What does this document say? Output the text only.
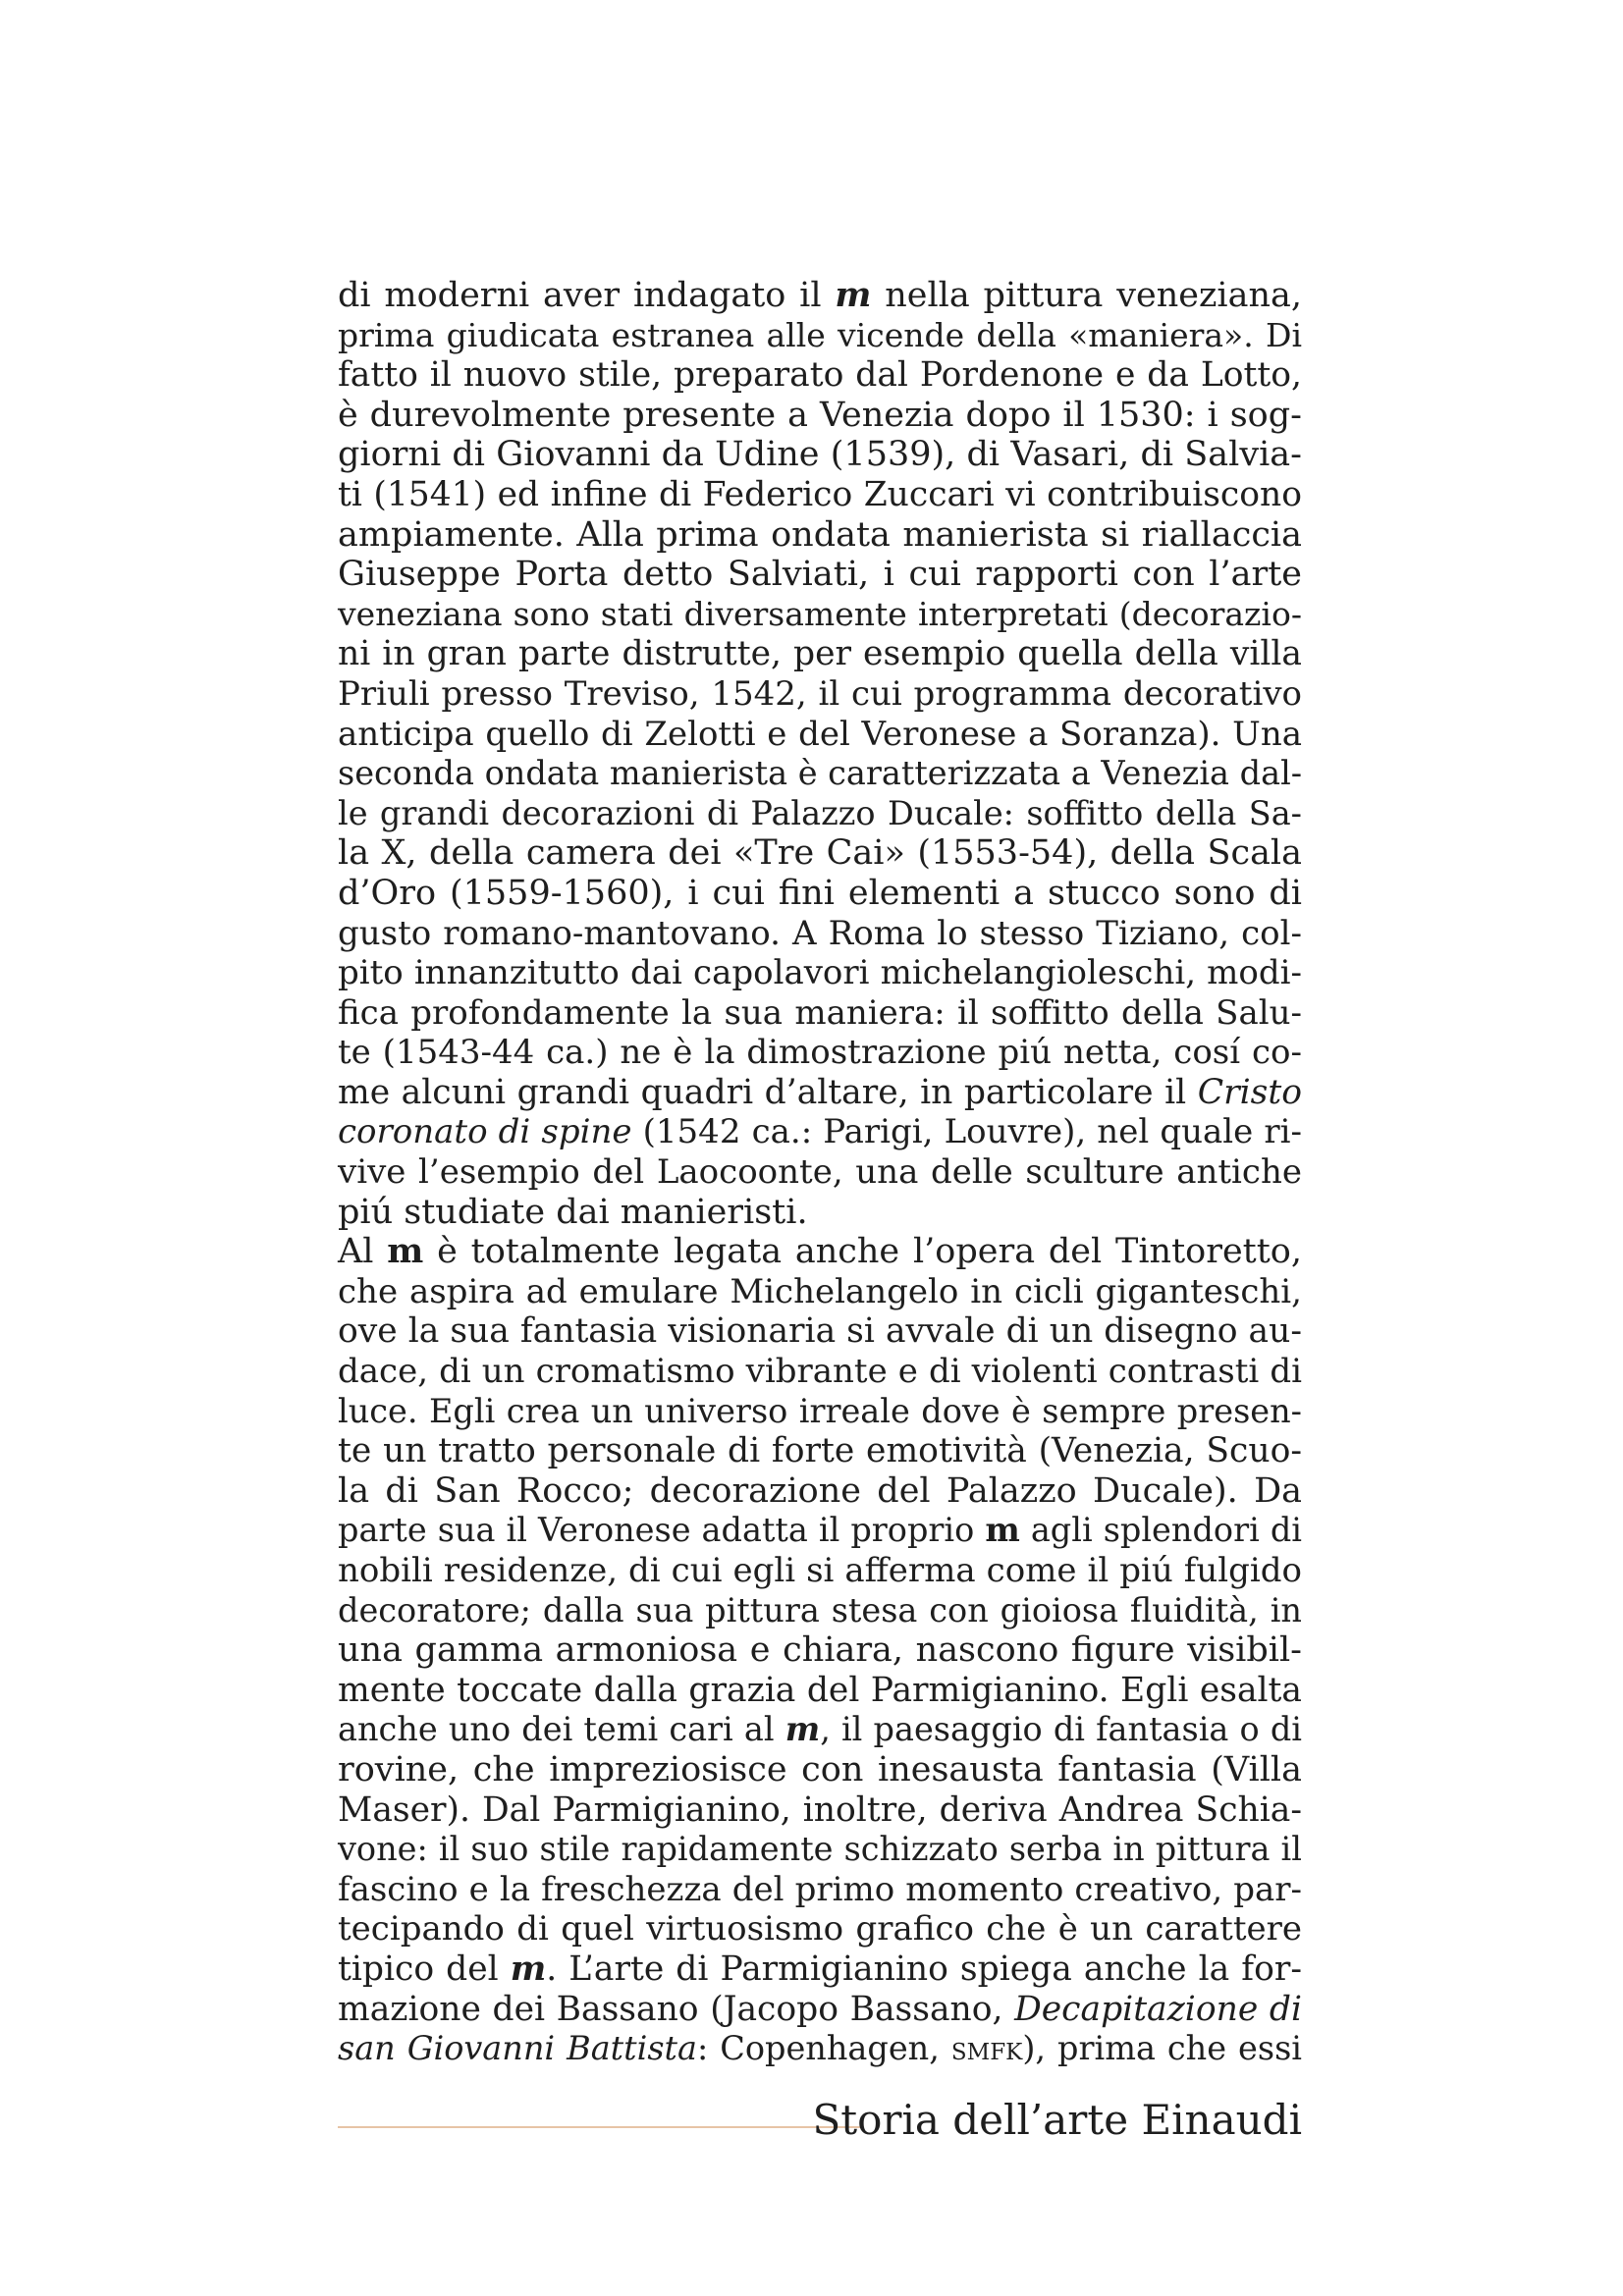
di moderni aver indagato il m nella pittura veneziana,
prima giudicata estranea alle vicende della «maniera». Di
fatto il nuovo stile, preparato dal Pordenone e da Lotto,
è durevolmente presente a Venezia dopo il 1530: i sog-
giorni di Giovanni da Udine (1539), di Vasari, di Salvia-
ti (1541) ed infine di Federico Zuccari vi contribuiscono
ampiamente. Alla prima ondata manierista si riallaccia
Giuseppe Porta detto Salviati, i cui rapporti con l’arte
veneziana sono stati diversamente interpretati (decorazio-
ni in gran parte distrutte, per esempio quella della villa
Priuli presso Treviso, 1542, il cui programma decorativo
anticipa quello di Zelotti e del Veronese a Soranza). Una
seconda ondata manierista è caratterizzata a Venezia dal-
le grandi decorazioni di Palazzo Ducale: soffitto della Sa-
la X, della camera dei «Tre Cai» (1553-54), della Scala
d’Oro (1559-1560), i cui fini elementi a stucco sono di
gusto romano-mantovano. A Roma lo stesso Tiziano, col-
pito innanzitutto dai capolavori michelangioleschi, modi-
fica profondamente la sua maniera: il soffitto della Salu-
te (1543-44 ca.) ne è la dimostrazione piú netta, cosí co-
me alcuni grandi quadri d’altare, in particolare il Cristo
coronato di spine (1542 ca.: Parigi, Louvre), nel quale ri-
vive l’esempio del Laocoonte, una delle sculture antiche
piú studiate dai manieristi.
Al m è totalmente legata anche l’opera del Tintoretto,
che aspira ad emulare Michelangelo in cicli giganteschi,
ove la sua fantasia visionaria si avvale di un disegno au-
dace, di un cromatismo vibrante e di violenti contrasti di
luce. Egli crea un universo irreale dove è sempre presen-
te un tratto personale di forte emotività (Venezia, Scuo-
la di San Rocco; decorazione del Palazzo Ducale). Da
parte sua il Veronese adatta il proprio m agli splendori di
nobili residenze, di cui egli si afferma come il piú fulgido
decoratore; dalla sua pittura stesa con gioiosa fluidità, in
una gamma armoniosa e chiara, nascono figure visibil-
mente toccate dalla grazia del Parmigianino. Egli esalta
anche uno dei temi cari al m, il paesaggio di fantasia o di
rovine, che impreziosisce con inesausta fantasia (Villa
Maser). Dal Parmigianino, inoltre, deriva Andrea Schia-
vone: il suo stile rapidamente schizzato serba in pittura il
fascino e la freschezza del primo momento creativo, par-
tecipando di quel virtuosismo grafico che è un carattere
tipico del m. L’arte di Parmigianino spiega anche la for-
mazione dei Bassano (Jacopo Bassano, Decapitazione di
san Giovanni Battista: Copenhagen, smfk), prima che essi
Storia dell’arte Einaudi
